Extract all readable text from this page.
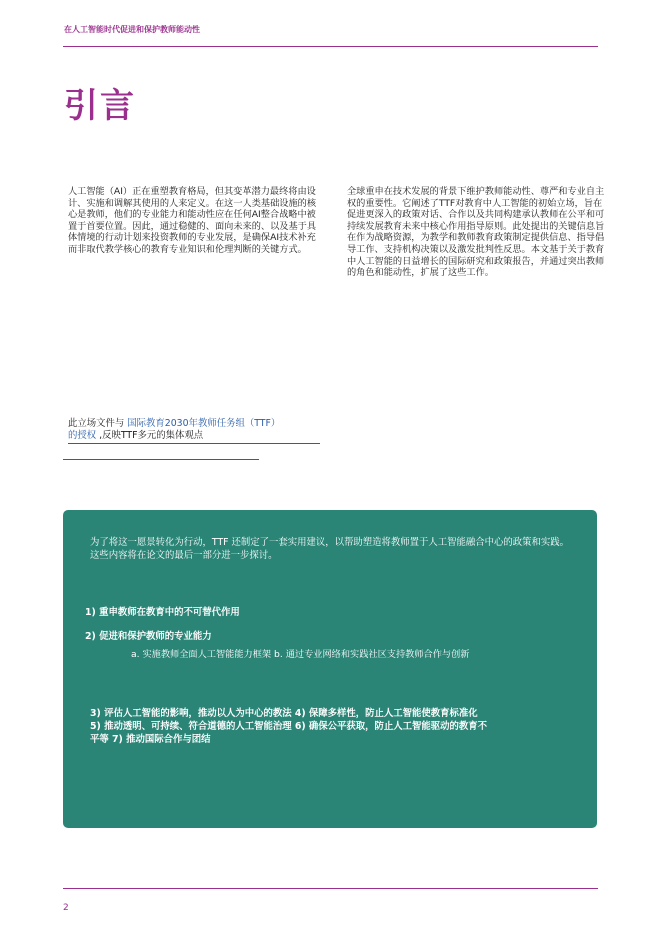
在人工智能时代促进和保护教师能动性
引言
人工智能（AI）正在重塑教育格局，但其变革潜力最终将由设计、实施和调解其使用的人来定义。在这一人类基础设施的核心是教师，他们的专业能力和能动性应在任何AI整合战略中被置于首要位置。因此，通过稳健的、面向未来的、以及基于具体情境的行动计划来投资教师的专业发展，是确保AI技术补充而非取代教学核心的教育专业知识和伦理判断的关键方式。
全球重申在技术发展的背景下维护教师能动性、尊严和专业自主权的重要性。它阐述了TTF对教育中人工智能的初始立场，旨在促进更深入的政策对话、合作以及共同构建承认教师在公平和可持续发展教育未来中核心作用指导原则。此处提出的关键信息旨在作为战略资源，为教学和教师教育政策制定提供信息、指导倡导工作、支持机构决策以及激发批判性反思。本文基于关于教育中人工智能的日益增长的国际研究和政策报告，并通过突出教师的角色和能动性，扩展了这些工作。
此立场文件与 国际教育2030年教师任务组（TTF）
的授权 ,反映TTF多元的集体观点
为了将这一愿景转化为行动，TTF 还制定了一套实用建议，以帮助塑造将教师置于人工智能融合中心的政策和实践。这些内容将在论文的最后一部分进一步探讨。
1) 重申教师在教育中的不可替代作用
2) 促进和保护教师的专业能力
a. 实施教师全面人工智能能力框架 b. 通过专业网络和实践社区支持教师合作与创新
3) 评估人工智能的影响，推动以人为中心的教法 4) 保障多样性，防止人工智能使教育标准化 5) 推动透明、可持续、符合道德的人工智能治理 6) 确保公平获取，防止人工智能驱动的教育不平等 7) 推动国际合作与团结
2
